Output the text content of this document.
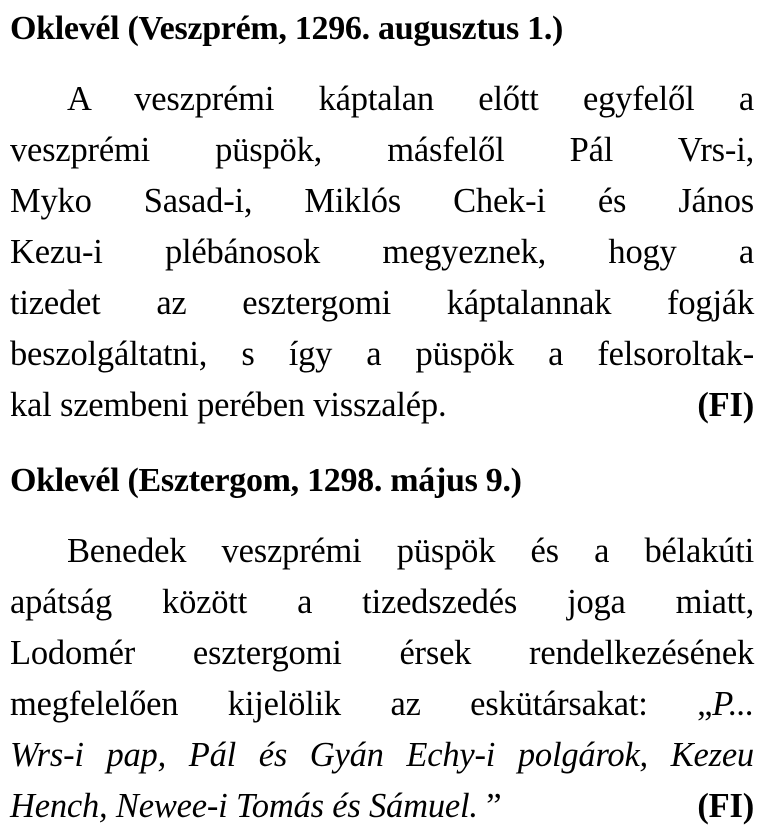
Oklevél (Veszprém, 1296. augusztus 1.)

A veszprémi káptalan előtt egyfelől a
veszprémi püspök, másfelől Pál Vrs-i,
Myko Sasad-i, Miklós Chek-i és János
Kezu-i plébánosok megyeznek, hogy a
tizedet az esztergomi káptalannak fogják
beszolgáltatni, s így a püspök a felsoroltak-
kal szembeni perében visszalép.	(FI)

Oklevél (Esztergom, 1298. május 9.)

Benedek veszprémi püspök és a bélakúti
apátság között a tizedszedés joga miatt,
Lodomér esztergomi érsek rendelkezésének
megfelelően kijelölik az eskütársakat: „P...
Wrs-i pap, Pál és Gyán Echy-i polgárok, Kezeu
Hench, Newee-i Tomás és Sámuel. ”	(FI)
